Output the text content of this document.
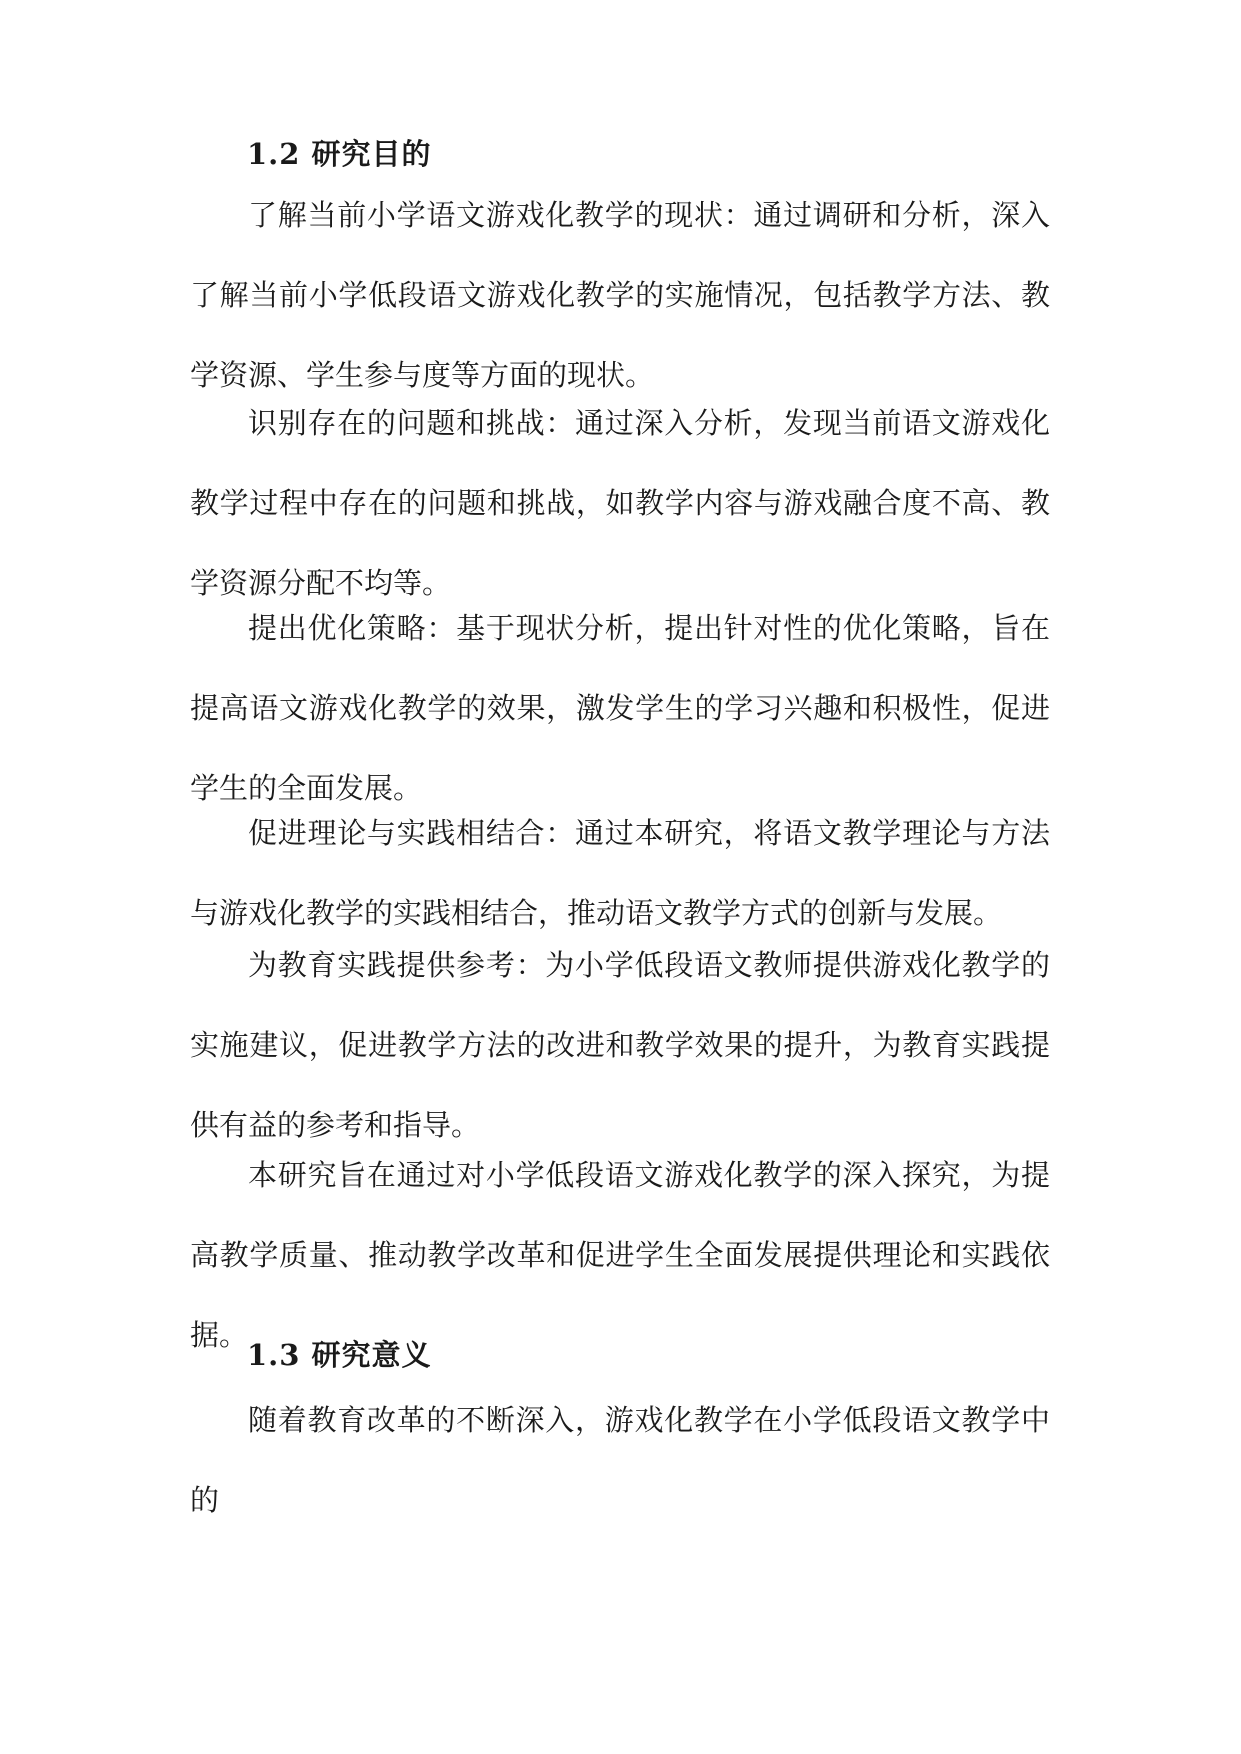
1.2 研究目的

了解当前小学语文游戏化教学的现状：通过调研和分析，深入了解当前小学低段语文游戏化教学的实施情况，包括教学方法、教学资源、学生参与度等方面的现状。

识别存在的问题和挑战：通过深入分析，发现当前语文游戏化教学过程中存在的问题和挑战，如教学内容与游戏融合度不高、教学资源分配不均等。

提出优化策略：基于现状分析，提出针对性的优化策略，旨在提高语文游戏化教学的效果，激发学生的学习兴趣和积极性，促进学生的全面发展。

促进理论与实践相结合：通过本研究，将语文教学理论与方法与游戏化教学的实践相结合，推动语文教学方式的创新与发展。

为教育实践提供参考：为小学低段语文教师提供游戏化教学的实施建议，促进教学方法的改进和教学效果的提升，为教育实践提供有益的参考和指导。

本研究旨在通过对小学低段语文游戏化教学的深入探究，为提高教学质量、推动教学改革和促进学生全面发展提供理论和实践依据。

1.3 研究意义

随着教育改革的不断深入，游戏化教学在小学低段语文教学中的
